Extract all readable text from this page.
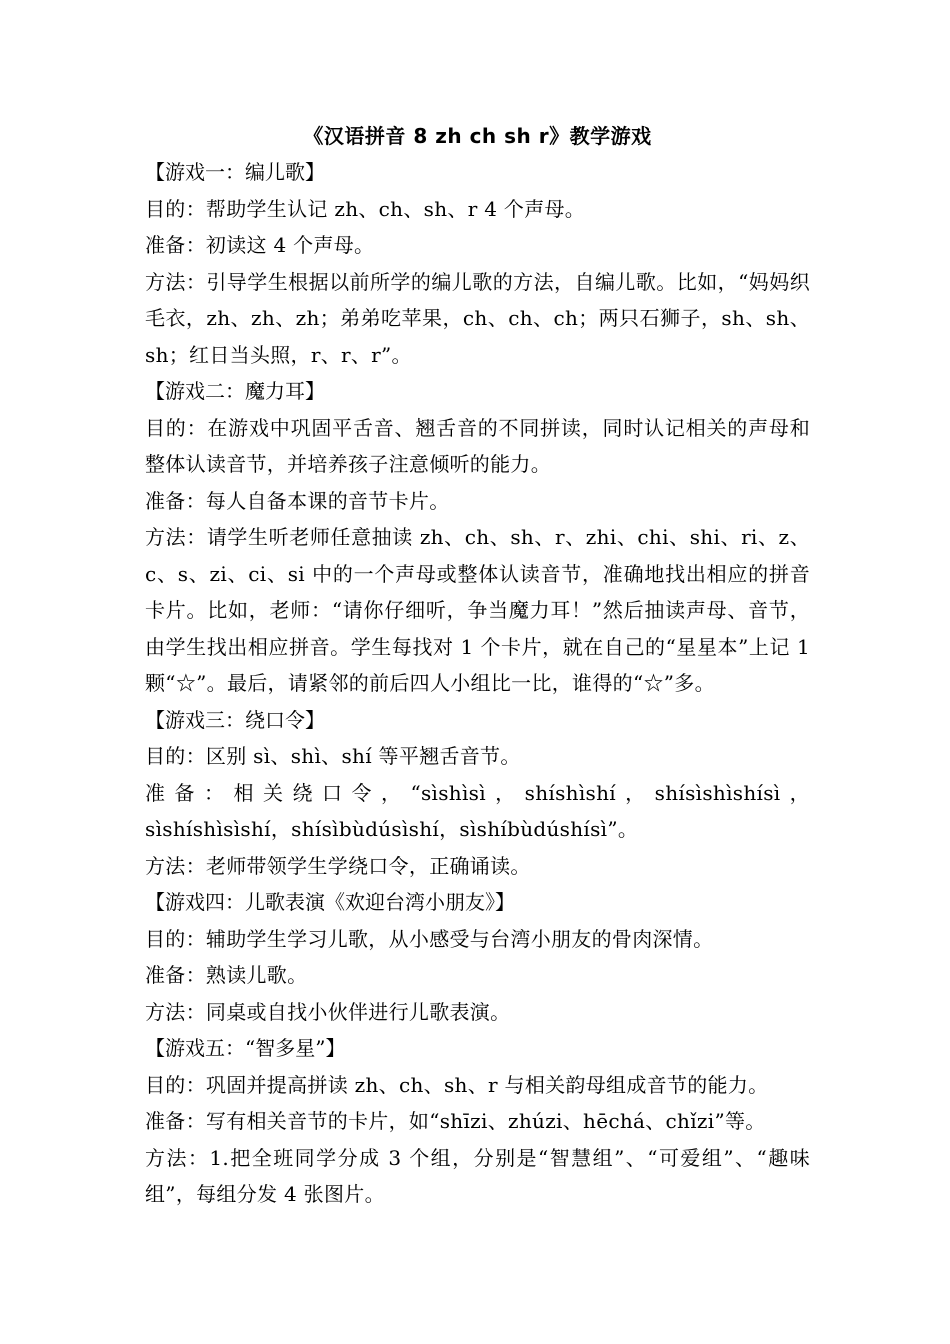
《汉语拼音 8 zh ch sh r》教学游戏

【游戏一：编儿歌】

目的：帮助学生认记 zh、ch、sh、r 4 个声母。

准备：初读这 4 个声母。

方法：引导学生根据以前所学的编儿歌的方法，自编儿歌。比如，“妈妈织毛衣，zh、zh、zh；弟弟吃苹果，ch、ch、ch；两只石狮子，sh、sh、sh；红日当头照，r、r、r”。

【游戏二：魔力耳】

目的：在游戏中巩固平舌音、翘舌音的不同拼读，同时认记相关的声母和整体认读音节，并培养孩子注意倾听的能力。

准备：每人自备本课的音节卡片。

方法：请学生听老师任意抽读 zh、ch、sh、r、zhi、chi、shi、ri、z、c、s、zi、ci、si 中的一个声母或整体认读音节，准确地找出相应的拼音卡片。比如，老师：“请你仔细听，争当魔力耳！”然后抽读声母、音节，由学生找出相应拼音。学生每找对 1 个卡片，就在自己的“星星本”上记 1 颗“☆”。最后，请紧邻的前后四人小组比一比，谁得的“☆”多。

【游戏三：绕口令】

目的：区别 sì、shì、shí 等平翘舌音节。

准备：相关绕口令，“sìshìsì，shíshìshí，shísìshìshísì，sìshíshìsìshí，shísìbùdúsìshí，sìshíbùdúshísì”。

方法：老师带领学生学绕口令，正确诵读。

【游戏四：儿歌表演《欢迎台湾小朋友》】

目的：辅助学生学习儿歌，从小感受与台湾小朋友的骨肉深情。

准备：熟读儿歌。

方法：同桌或自找小伙伴进行儿歌表演。

【游戏五：“智多星”】

目的：巩固并提高拼读 zh、ch、sh、r 与相关韵母组成音节的能力。

准备：写有相关音节的卡片，如“shīzi、zhúzi、hēchá、chǐzi”等。

方法：1.把全班同学分成 3 个组，分别是“智慧组”、“可爱组”、“趣味组”，每组分发 4 张图片。
